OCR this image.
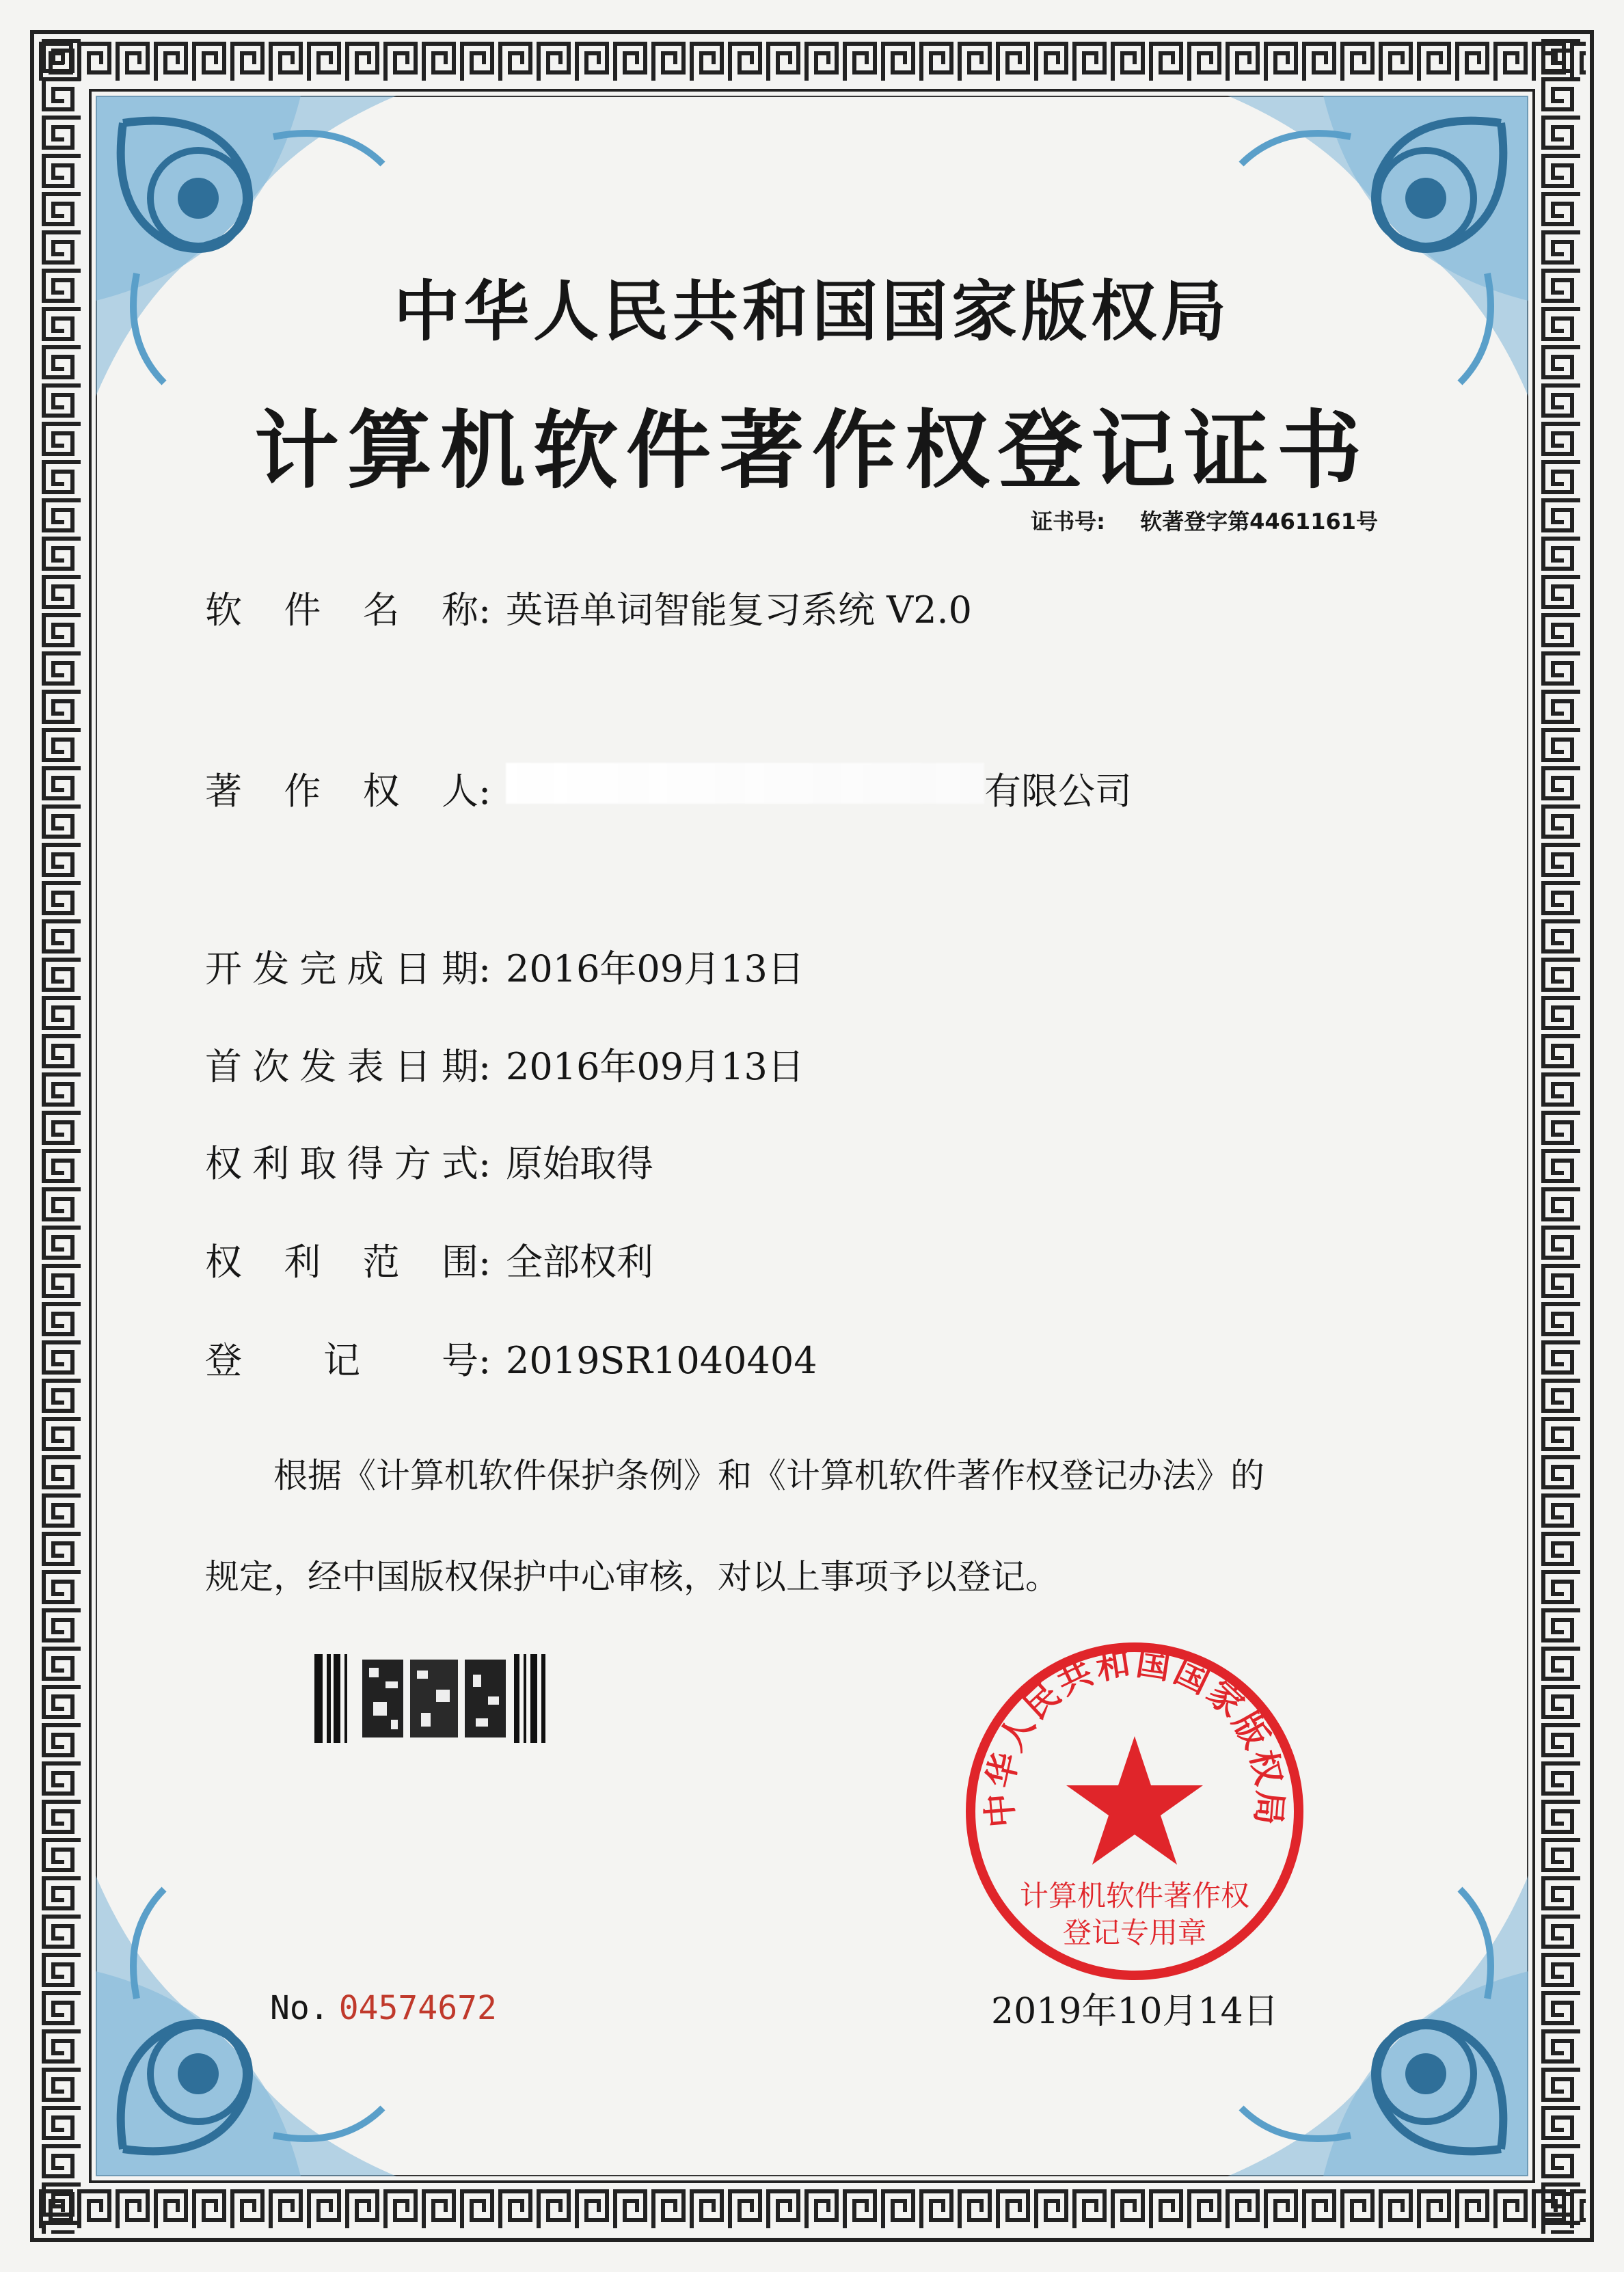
中华人民共和国国家版权局
计算机软件著作权登记证书
证书号: 软著登字第4461161号
软件名称 : 英语单词智能复习系统 V2.0
著作权人 :	有限公司
开发完成日期 : 2016年09月13日
首次发表日期 : 2016年09月13日
权利取得方式 : 原始取得
权利范围 : 全部权利
登记号 : 2019SR1040404
根据《计算机软件保护条例》和《计算机软件著作权登记办法》的
规定，经中国版权保护中心审核，对以上事项予以登记。
No. 04574672
中华人民共和国国家版权局
计算机软件著作权
登记专用章
2019年10月14日
